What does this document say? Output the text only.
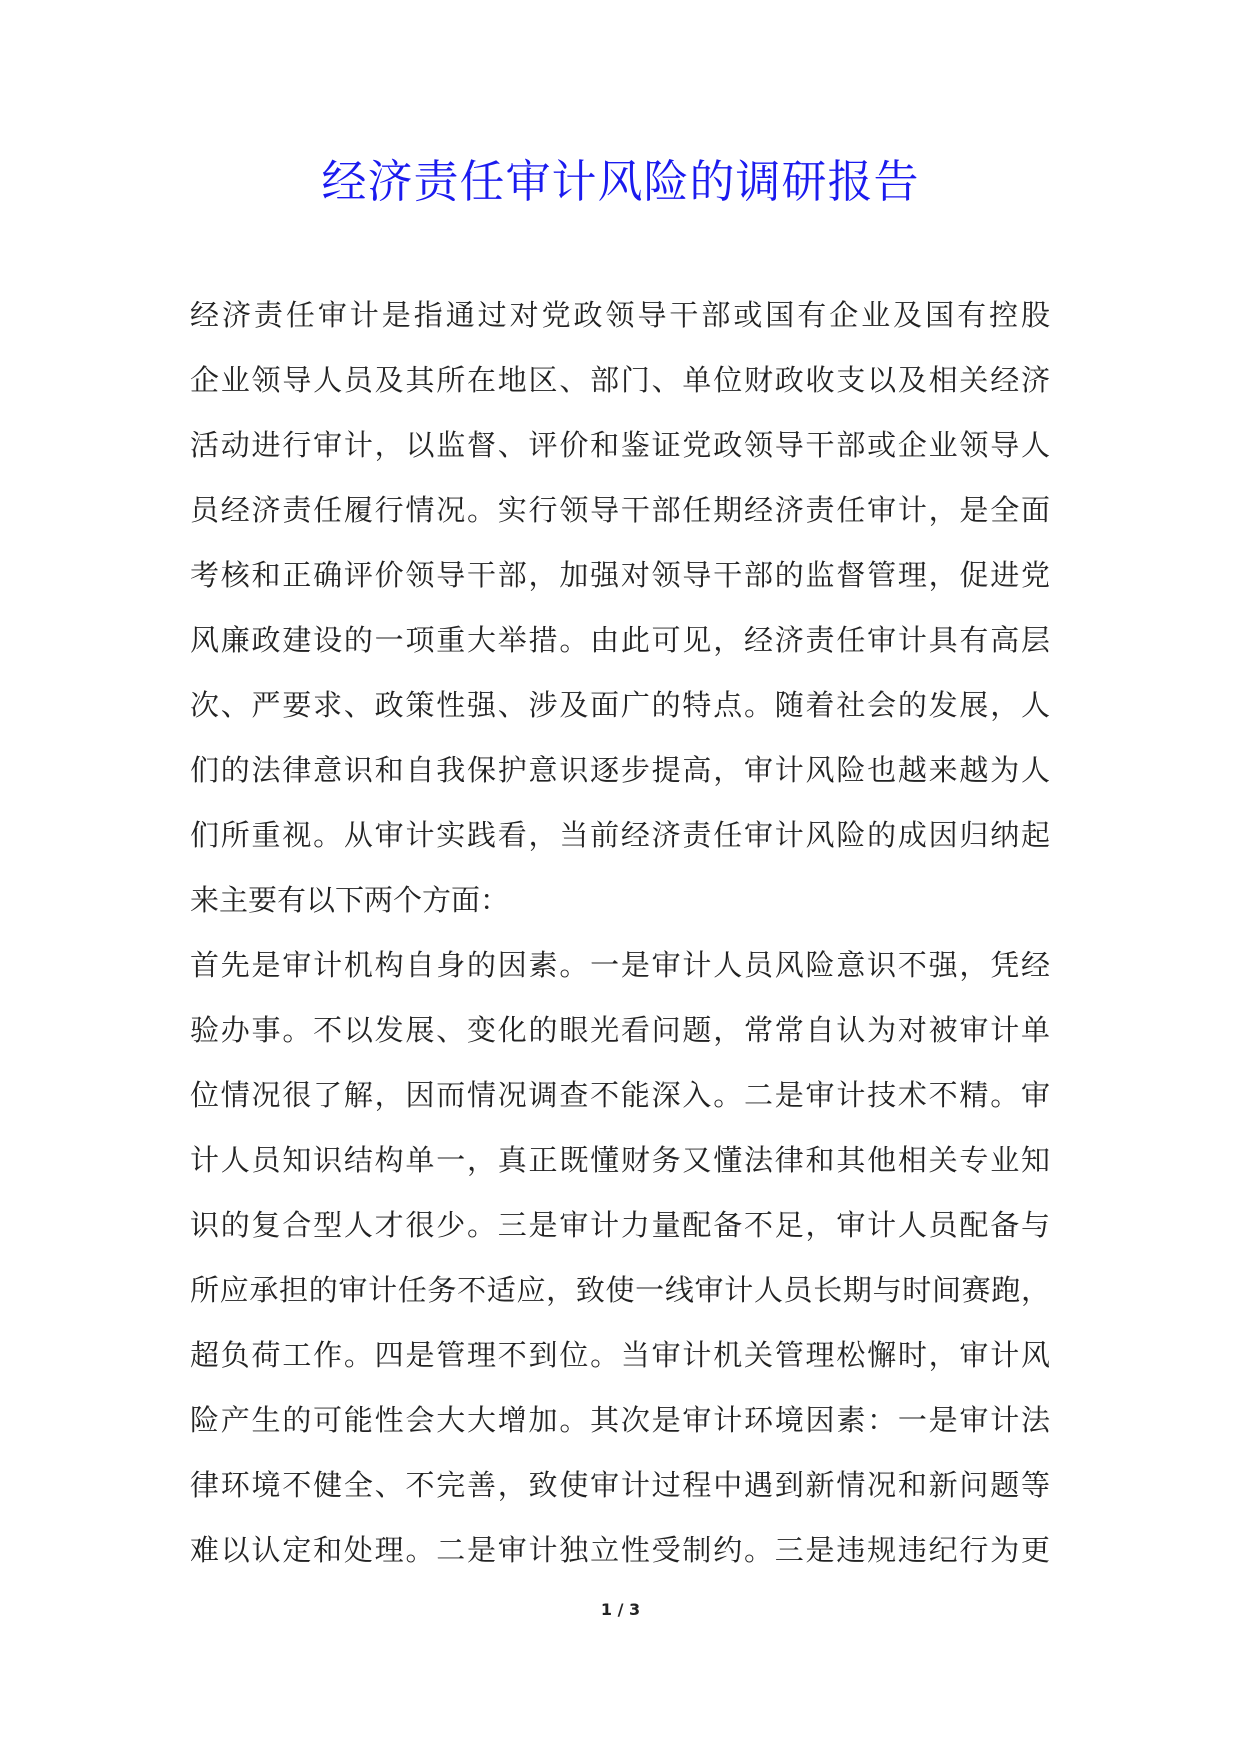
经济责任审计风险的调研报告
经济责任审计是指通过对党政领导干部或国有企业及国有控股
企业领导人员及其所在地区、部门、单位财政收支以及相关经济
活动进行审计，以监督、评价和鉴证党政领导干部或企业领导人
员经济责任履行情况。实行领导干部任期经济责任审计，是全面
考核和正确评价领导干部，加强对领导干部的监督管理，促进党
风廉政建设的一项重大举措。由此可见，经济责任审计具有高层
次、严要求、政策性强、涉及面广的特点。随着社会的发展，人
们的法律意识和自我保护意识逐步提高，审计风险也越来越为人
们所重视。从审计实践看，当前经济责任审计风险的成因归纳起
来主要有以下两个方面：
首先是审计机构自身的因素。一是审计人员风险意识不强，凭经
验办事。不以发展、变化的眼光看问题，常常自认为对被审计单
位情况很了解，因而情况调查不能深入。二是审计技术不精。审
计人员知识结构单一，真正既懂财务又懂法律和其他相关专业知
识的复合型人才很少。三是审计力量配备不足，审计人员配备与
所应承担的审计任务不适应，致使一线审计人员长期与时间赛跑，
超负荷工作。四是管理不到位。当审计机关管理松懈时，审计风
险产生的可能性会大大增加。其次是审计环境因素：一是审计法
律环境不健全、不完善，致使审计过程中遇到新情况和新问题等
难以认定和处理。二是审计独立性受制约。三是违规违纪行为更
1 / 3
